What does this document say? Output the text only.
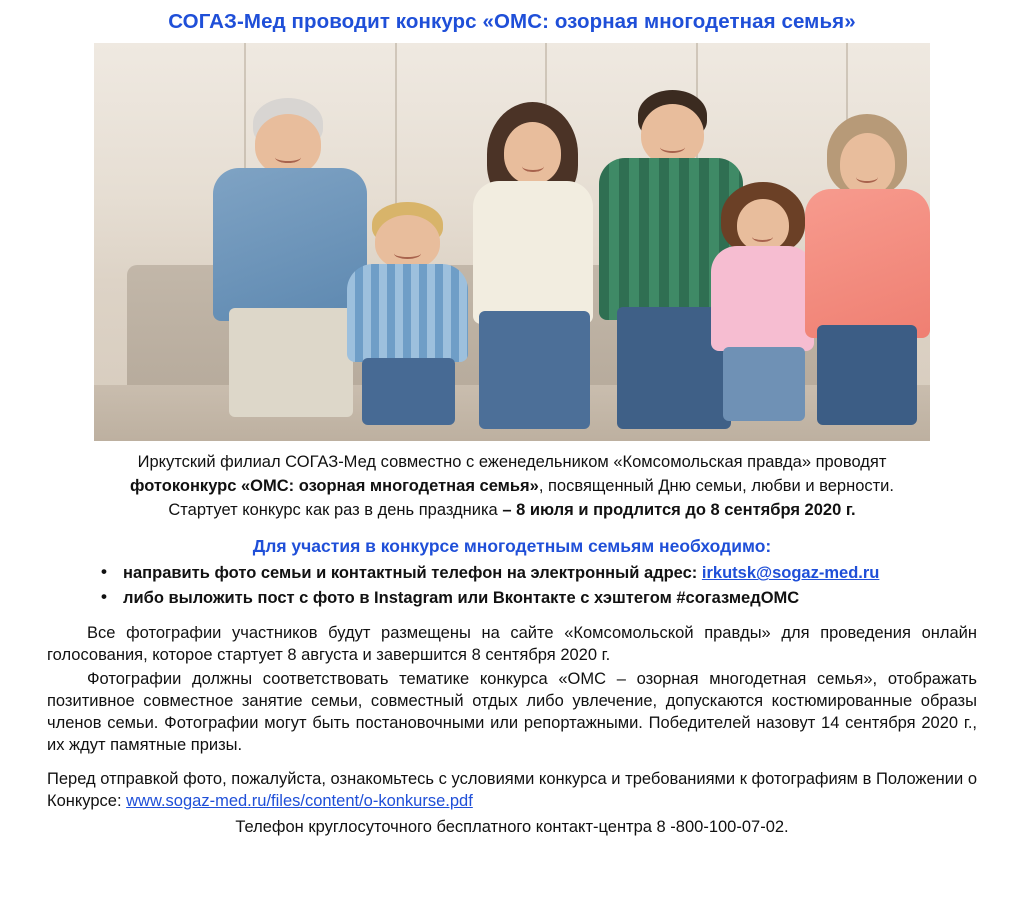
СОГАЗ-Мед проводит конкурс «ОМС: озорная многодетная семья»
Иркутский филиал СОГАЗ-Мед совместно с еженедельником «Комсомольская правда» проводят
фотоконкурс «ОМС: озорная многодетная семья», посвященный Дню семьи, любви и верности.
Стартует конкурс как раз в день праздника – 8 июля и продлится до 8 сентября 2020 г.
Для участия в конкурсе многодетным семьям необходимо:
• направить фото семьи и контактный телефон на электронный адрес: irkutsk@sogaz-med.ru
• либо выложить пост с фото в Instagram или Вконтакте с хэштегом #согазмедОМС
Все фотографии участников будут размещены на сайте «Комсомольской правды» для проведения онлайн голосования, которое стартует 8 августа и завершится 8 сентября 2020 г.
Фотографии должны соответствовать тематике конкурса «ОМС – озорная многодетная семья», отображать позитивное совместное занятие семьи, совместный отдых либо увлечение, допускаются костюмированные образы членов семьи. Фотографии могут быть постановочными или репортажными. Победителей назовут 14 сентября 2020 г., их ждут памятные призы.
Перед отправкой фото, пожалуйста, ознакомьтесь с условиями конкурса и требованиями к фотографиям в Положении о Конкурсе: www.sogaz-med.ru/files/content/o-konkurse.pdf
Телефон круглосуточного бесплатного контакт-центра 8 -800-100-07-02.
